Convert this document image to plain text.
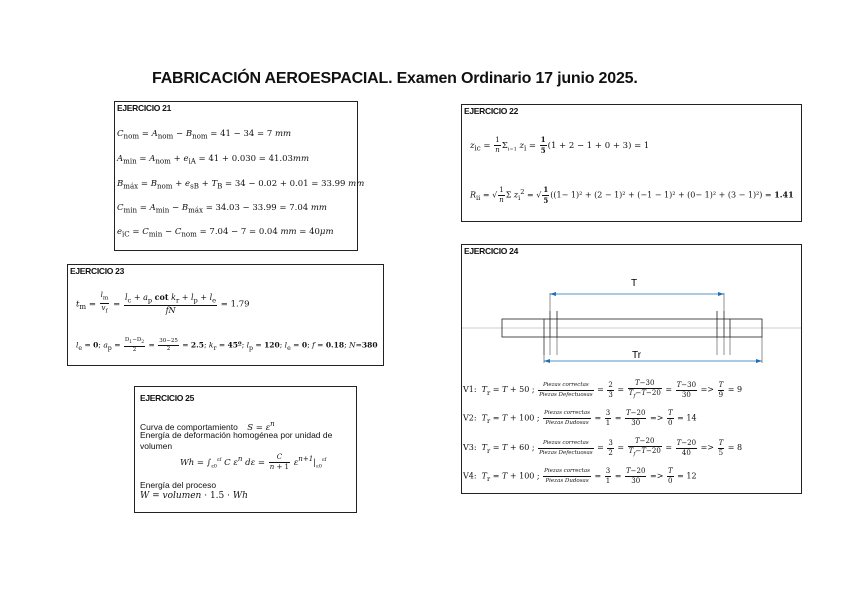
FABRICACIÓN AEROESPACIAL. Examen Ordinario 17 junio 2025.
EJERCICIO 21
$C_{nom} = A_{nom} - B_{nom} = 41 - 34 = 7$ mm
$A_{min} = A_{nom} + e_{iA} = 41 + 0.030 = 41.03mm$
$B_{máx} = B_{nom} + e_{sB} + T_B = 34 - 0.02 + 0.01 = 33.99$ mm
$C_{min} = A_{min} - B_{máx} = 34.03 - 33.99 = 7.04$ mm
$e_{iC} = C_{min} - C_{nom} = 7.04 - 7 = 0.04$ mm = 40μm
EJERCICIO 22
$z_{ic} = \frac{1}{n} \Sigma_{i=1}$ $z_i = \frac{1}{5} (1 + 2 - 1 + 0 + 3) = 1$
$R_{ii}$ = √ $\frac{1}{n}$ Σ $z_i^2$ = √ $\frac{1}{5} ((1- 1)^2 + (2 - 1)^2 + (-1 - 1)^2 + (0- 1)^2 + (3 - 1)^2) = 1.41$
EJERCICIO 23
$t_m = \frac{l_m}{v_f} = \frac{l_c + a_p \cot k_r + l_p + l_e}{fN} = 1.79$
$l_e = 0$; $a_p = \frac{D_1-D_2}{2} = \frac{30-25}{2} = 2.5$; $k_r$ = 45º; $l_p = 120$; $l_e = 0$; f = 0.18; N=380
EJERCICIO 25
Curva de comportamiento    $S = \varepsilon^n$
Energía de deformación homogénea por unidad de
volumen
$Wh = \int_{\varepsilon 0}^{\varepsilon f}$ C $\varepsilon^n$ $d\varepsilon = \frac{C}{n + 1} \varepsilon^{n+1}|_{\varepsilon 0}^{\varepsilon f}$
Energía del proceso
W = volumen · 1.5 · Wh
EJERCICIO 24
T
Tr
V1:  $T_r = T + 50$ ; $\frac{\text{Piezas correctas}}{\text{Piezas Defectuosas}} = \frac{2}{3} = \frac{T-30}{T_f-T-20} = \frac{T-30}{30} => \frac{T}{9} = 9$
V2:  $T_r = T + 100$ ; $\frac{\text{Piezas correctas}}{\text{Piezas Dudosas}} = \frac{3}{1} = \frac{T-20}{30} => \frac{T}{0} = 14$
V3:  $T_r = T + 60$ ; $\frac{\text{Piezas correctas}}{\text{Piezas Defectuosas}} = \frac{3}{2} = \frac{T-20}{T_f-T-20} = \frac{T-20}{40} => \frac{T}{5} = 8$
V4:  $T_r = T + 100$ ; $\frac{\text{Piezas correctas}}{\text{Piezas Dudosas}} = \frac{3}{1} = \frac{T-20}{30} => \frac{T}{0} = 12$
